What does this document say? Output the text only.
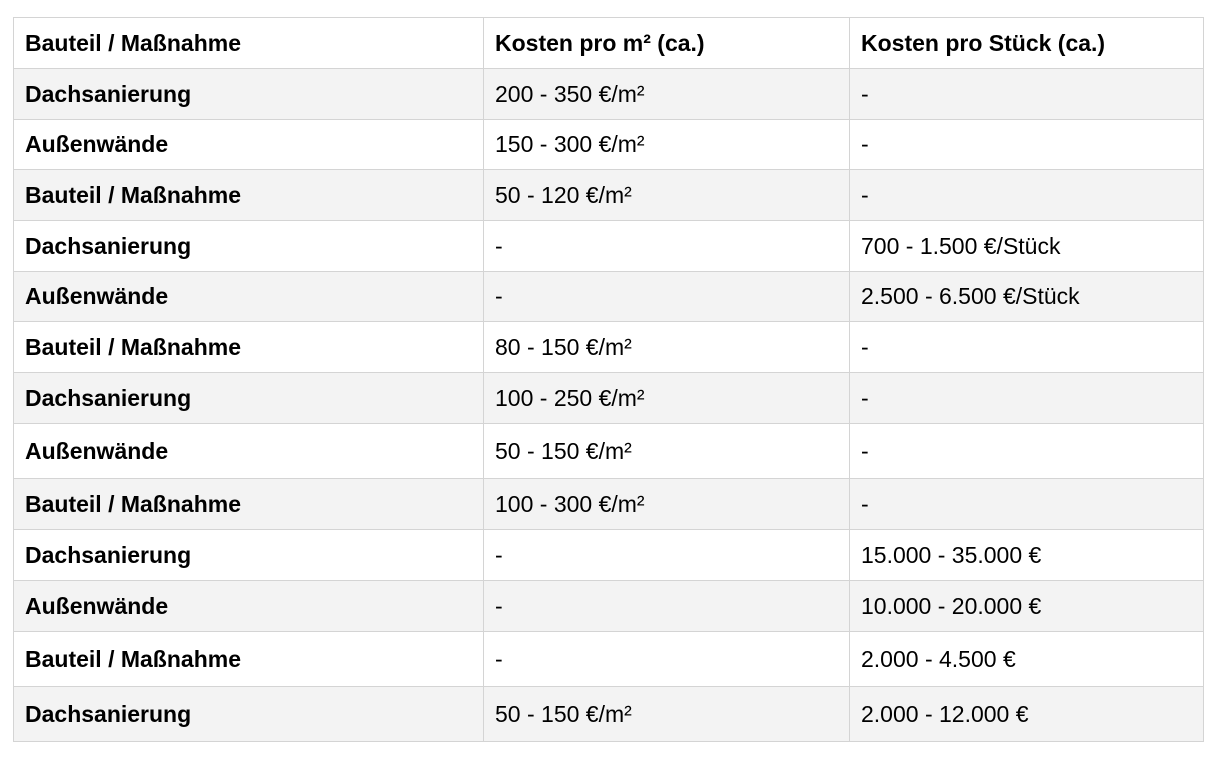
Bauteil / Maßnahme	Kosten pro m² (ca.)	Kosten pro Stück (ca.)
Dachsanierung	200 - 350 €/m²	-
Außenwände	150 - 300 €/m²	-
Bauteil / Maßnahme	50 - 120 €/m²	-
Dachsanierung	-	700 - 1.500 €/Stück
Außenwände	-	2.500 - 6.500 €/Stück
Bauteil / Maßnahme	80 - 150 €/m²	-
Dachsanierung	100 - 250 €/m²	-
Außenwände	50 - 150 €/m²	-
Bauteil / Maßnahme	100 - 300 €/m²	-
Dachsanierung	-	15.000 - 35.000 €
Außenwände	-	10.000 - 20.000 €
Bauteil / Maßnahme	-	2.000 - 4.500 €
Dachsanierung	50 - 150 €/m²	2.000 - 12.000 €
